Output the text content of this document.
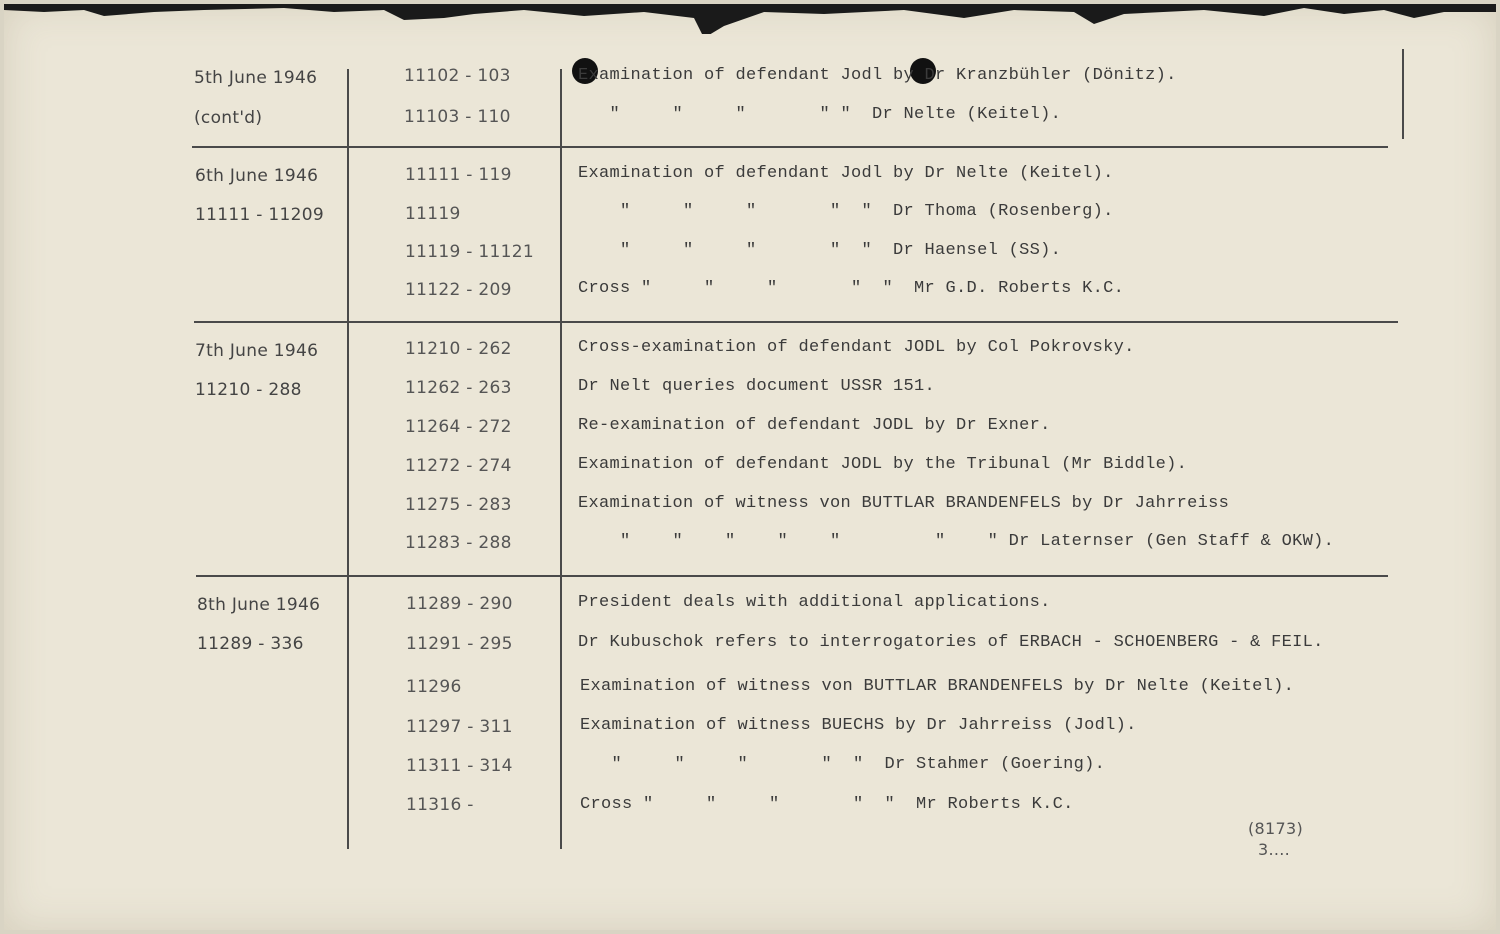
5th June 1946
(cont'd)
11102 - 103	Examination of defendant Jodl by Dr Kranzbühler (Dönitz).
11103 - 110	"     "     "       " "  Dr Nelte (Keitel).
6th June 1946
11111 - 11209
11111 - 119	Examination of defendant Jodl by Dr Nelte (Keitel).
11119	"     "     "       "  "  Dr Thoma (Rosenberg).
11119 - 11121	"     "     "       "  "  Dr Haensel (SS).
11122 - 209	Cross "     "     "       "  "  Mr G.D. Roberts K.C.
7th June 1946
11210 - 288
11210 - 262	Cross-examination of defendant JODL by Col Pokrovsky.
11262 - 263	Dr Nelt queries document USSR 151.
11264 - 272	Re-examination of defendant JODL by Dr Exner.
11272 - 274	Examination of defendant JODL by the Tribunal (Mr Biddle).
11275 - 283	Examination of witness von BUTTLAR BRANDENFELS by Dr Jahrreiss
11283 - 288	"    "    "    "    "         "    " Dr Laternser (Gen Staff & OKW).
8th June 1946
11289 - 336
11289 - 290	President deals with additional applications.
11291 - 295	Dr Kubuschok refers to interrogatories of ERBACH - SCHOENBERG - & FEIL.
11296	Examination of witness von BUTTLAR BRANDENFELS by Dr Nelte (Keitel).
11297 - 311	Examination of witness BUECHS by Dr Jahrreiss (Jodl).
11311 - 314	"     "     "       "  "  Dr Stahmer (Goering).
11316 -	Cross "     "     "       "  "  Mr Roberts K.C.
(8173)
3....
